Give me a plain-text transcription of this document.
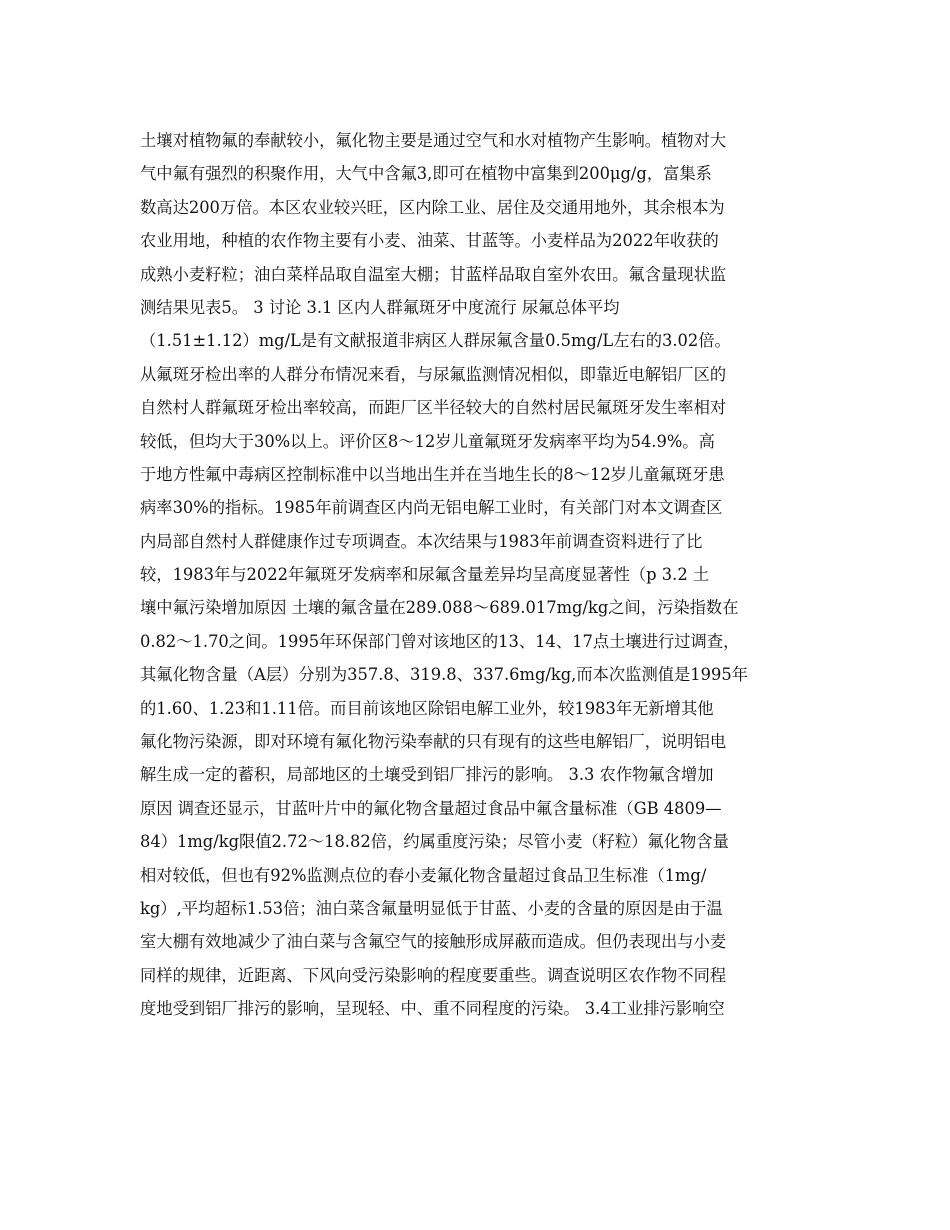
土壤对植物氟的奉献较小，氟化物主要是通过空气和水对植物产生影响。植物对大
气中氟有强烈的积聚作用，大气中含氟3,即可在植物中富集到200μg/g，富集系
数高达200万倍。本区农业较兴旺，区内除工业、居住及交通用地外，其余根本为
农业用地，种植的农作物主要有小麦、油菜、甘蓝等。小麦样品为2022年收获的
成熟小麦籽粒；油白菜样品取自温室大棚；甘蓝样品取自室外农田。氟含量现状监
测结果见表5。 3 讨论 3.1 区内人群氟斑牙中度流行 尿氟总体平均
（1.51±1.12）mg/L是有文献报道非病区人群尿氟含量0.5mg/L左右的3.02倍。
从氟斑牙检出率的人群分布情况来看，与尿氟监测情况相似，即靠近电解铝厂区的
自然村人群氟斑牙检出率较高，而距厂区半径较大的自然村居民氟斑牙发生率相对
较低，但均大于30%以上。评价区8～12岁儿童氟斑牙发病率平均为54.9%。高
于地方性氟中毒病区控制标准中以当地出生并在当地生长的8～12岁儿童氟斑牙患
病率30%的指标。1985年前调查区内尚无铝电解工业时，有关部门对本文调查区
内局部自然村人群健康作过专项调查。本次结果与1983年前调查资料进行了比
较，1983年与2022年氟斑牙发病率和尿氟含量差异均呈高度显著性（p 3.2 土
壤中氟污染增加原因 土壤的氟含量在289.088～689.017mg/kg之间，污染指数在
0.82～1.70之间。1995年环保部门曾对该地区的13、14、17点土壤进行过调查，
其氟化物含量（A层）分别为357.8、319.8、337.6mg/kg,而本次监测值是1995年
的1.60、1.23和1.11倍。而目前该地区除铝电解工业外，较1983年无新增其他
氟化物污染源，即对环境有氟化物污染奉献的只有现有的这些电解铝厂，说明铝电
解生成一定的蓄积，局部地区的土壤受到铝厂排污的影响。 3.3 农作物氟含增加
原因 调查还显示，甘蓝叶片中的氟化物含量超过食品中氟含量标准（GB 4809—
84）1mg/kg限值2.72～18.82倍，约属重度污染；尽管小麦（籽粒）氟化物含量
相对较低，但也有92%监测点位的春小麦氟化物含量超过食品卫生标准（1mg/
kg）,平均超标1.53倍；油白菜含氟量明显低于甘蓝、小麦的含量的原因是由于温
室大棚有效地减少了油白菜与含氟空气的接触形成屏蔽而造成。但仍表现出与小麦
同样的规律，近距离、下风向受污染影响的程度要重些。调查说明区农作物不同程
度地受到铝厂排污的影响，呈现轻、中、重不同程度的污染。 3.4工业排污影响空
